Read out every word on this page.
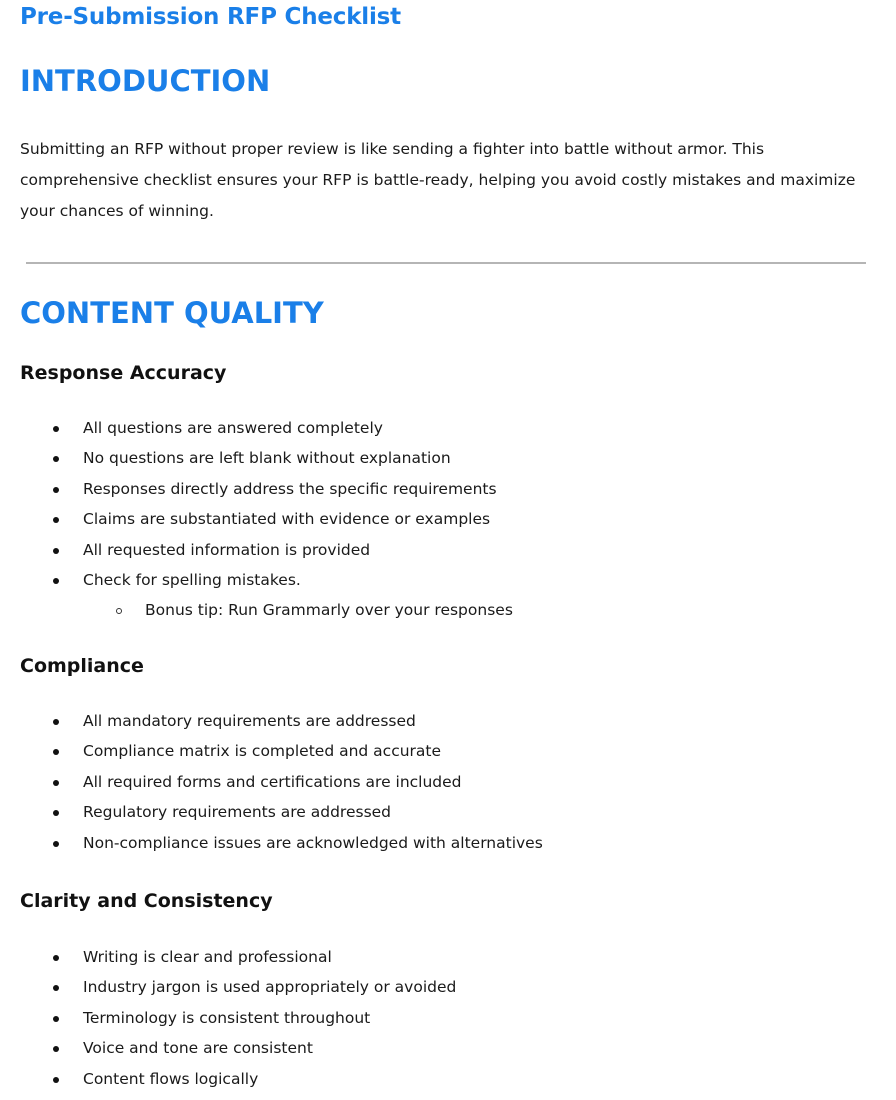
Pre-Submission RFP Checklist
INTRODUCTION

Submitting an RFP without proper review is like sending a fighter into battle without armor. This comprehensive checklist ensures your RFP is battle-ready, helping you avoid costly mistakes and maximize your chances of winning.

CONTENT QUALITY
Response Accuracy
All questions are answered completely
No questions are left blank without explanation
Responses directly address the specific requirements
Claims are substantiated with evidence or examples
All requested information is provided
Check for spelling mistakes.
Bonus tip: Run Grammarly over your responses
Compliance
All mandatory requirements are addressed
Compliance matrix is completed and accurate
All required forms and certifications are included
Regulatory requirements are addressed
Non-compliance issues are acknowledged with alternatives
Clarity and Consistency
Writing is clear and professional
Industry jargon is used appropriately or avoided
Terminology is consistent throughout
Voice and tone are consistent
Content flows logically
